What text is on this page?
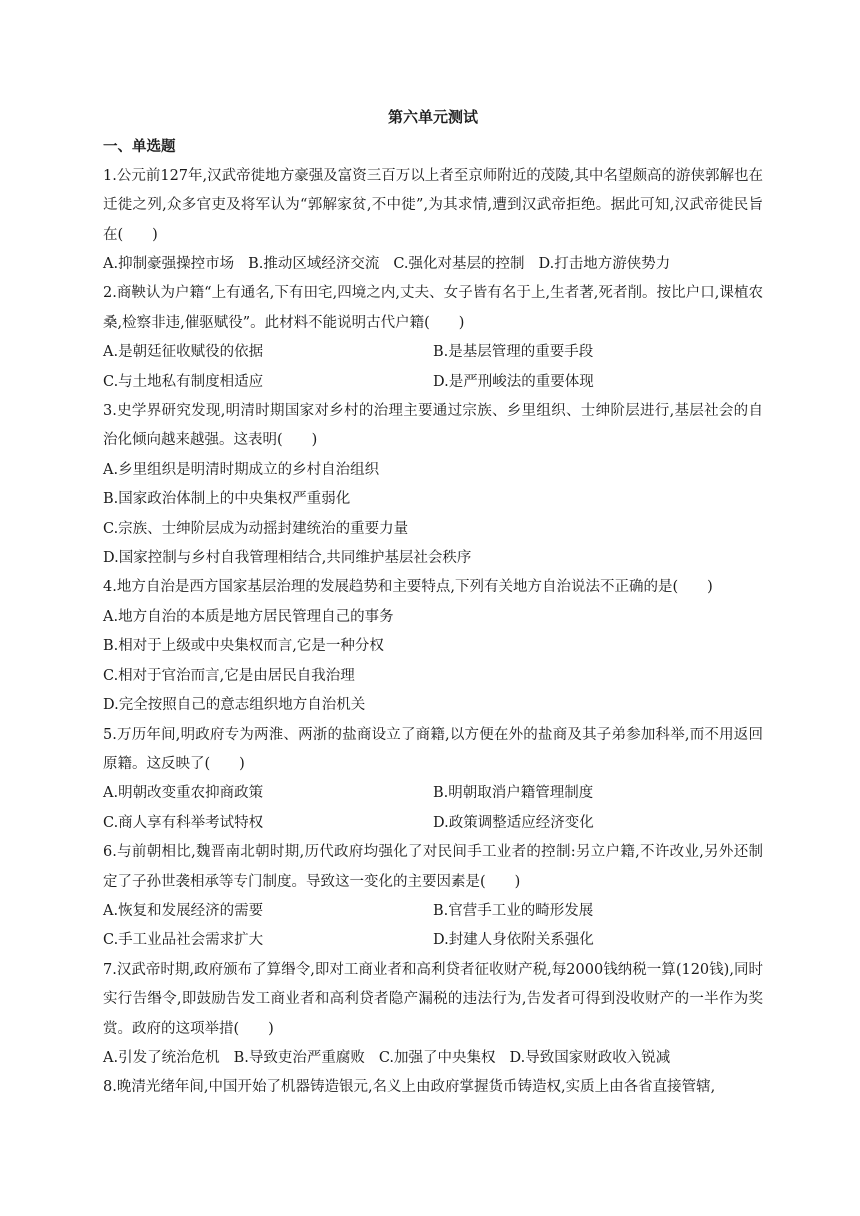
第六单元测试

一、单选题

1.公元前127年,汉武帝徙地方豪强及富资三百万以上者至京师附近的茂陵,其中名望颇高的游侠郭解也在迁徙之列,众多官吏及将军认为“郭解家贫,不中徙”,为其求情,遭到汉武帝拒绝。据此可知,汉武帝徙民旨在(　　)

A.抑制豪强操控市场 B.推动区域经济交流 C.强化对基层的控制 D.打击地方游侠势力

2.商鞅认为户籍“上有通名,下有田宅,四境之内,丈夫、女子皆有名于上,生者著,死者削。按比户口,课植农桑,检察非违,催驱赋役”。此材料不能说明古代户籍(　　)

A.是朝廷征收赋役的依据	B.是基层管理的重要手段
C.与土地私有制度相适应	D.是严刑峻法的重要体现

3.史学界研究发现,明清时期国家对乡村的治理主要通过宗族、乡里组织、士绅阶层进行,基层社会的自治化倾向越来越强。这表明(　　)

A.乡里组织是明清时期成立的乡村自治组织
B.国家政治体制上的中央集权严重弱化
C.宗族、士绅阶层成为动摇封建统治的重要力量
D.国家控制与乡村自我管理相结合,共同维护基层社会秩序

4.地方自治是西方国家基层治理的发展趋势和主要特点,下列有关地方自治说法不正确的是(　　)

A.地方自治的本质是地方居民管理自己的事务
B.相对于上级或中央集权而言,它是一种分权
C.相对于官治而言,它是由居民自我治理
D.完全按照自己的意志组织地方自治机关

5.万历年间,明政府专为两淮、两浙的盐商设立了商籍,以方便在外的盐商及其子弟参加科举,而不用返回原籍。这反映了(　　)

A.明朝改变重农抑商政策	B.明朝取消户籍管理制度
C.商人享有科举考试特权	D.政策调整适应经济变化

6.与前朝相比,魏晋南北朝时期,历代政府均强化了对民间手工业者的控制:另立户籍,不许改业,另外还制定了子孙世袭相承等专门制度。导致这一变化的主要因素是(　　)

A.恢复和发展经济的需要	B.官营手工业的畸形发展
C.手工业品社会需求扩大	D.封建人身依附关系强化

7.汉武帝时期,政府颁布了算缗令,即对工商业者和高利贷者征收财产税,每2000钱纳税一算(120钱),同时实行告缗令,即鼓励告发工商业者和高利贷者隐产漏税的违法行为,告发者可得到没收财产的一半作为奖赏。政府的这项举措(　　)

A.引发了统治危机 B.导致吏治严重腐败 C.加强了中央集权 D.导致国家财政收入锐减

8.晚清光绪年间,中国开始了机器铸造银元,名义上由政府掌握货币铸造权,实质上由各省直接管辖,
